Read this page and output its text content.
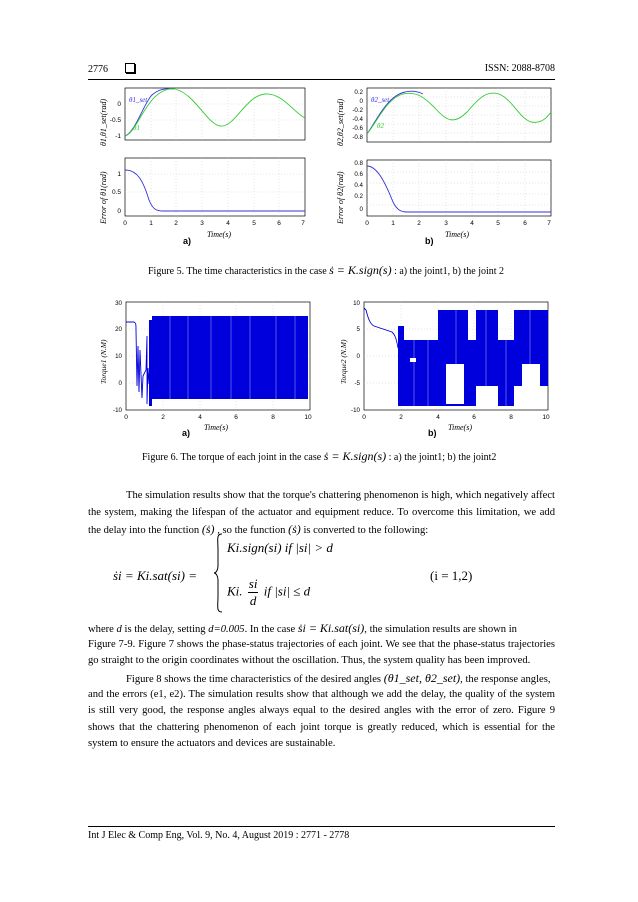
2776	ISSN: 2088-8708
θ1_set
θ1
0
-0.5
-1
θ1,θ1_set(rad)
1
0.5
0
Error of θ1(rad) 0	1	2	3	4	5	6	7
Time(s)
a)
θ2_set
θ2
0.2
0
-0.2
-0.4
-0.6
-0.8
θ2,θ2_set(rad)
0.8
0.6
0.4
0.2
0
Error of θ2(rad)	0	1	2	3	4	5	6	7
Time(s)
b)
Figure 5. The time characteristics in the case ṡ = K.sign(s) : a) the joint1, b) the joint 2
30
20
10
0
-10
Torque1 (N.M)
0	2	4	6	8	10
Time(s)
a)
10
5
0
-5
-10
Torque2 (N.M)
0	2	4	6	8	10
Time(s)
b)
Figure 6. The torque of each joint in the case ṡ = K.sign(s) : a) the joint1; b) the joint2
The simulation results show that the torque's chattering phenomenon is high, which negatively affect
the system, making the lifespan of the actuator and equipment reduce. To overcome this limitation, we add
the delay into the function (ṡ) , so the function (ṡ) is converted to the following:
ṡi = Ki.sat(si) =
Ki.sign(si) if |si| > d
Ki. $\frac{si}{d}$ if |si| ≤ d
(i = 1,2)
where d is the delay, setting d=0.005. In the case ṡi = Ki.sat(si), the simulation results are shown in
Figure 7-9. Figure 7 shows the phase-status trajectories of each joint. We see that the phase-status trajectories
go straight to the origin coordinates without the oscillation. Thus, the system quality has been improved.
Figure 8 shows the time characteristics of the desired angles (θ1_set, θ2_set), the response angles,
and the errors (e1, e2). The simulation results show that although we add the delay, the quality of the system
is still very good, the response angles always equal to the desired angles with the error of zero. Figure 9
shows that the chattering phenomenon of each joint torque is greatly reduced, which is essential for the
system to ensure the actuators and devices are sustainable.
Int J Elec & Comp Eng, Vol. 9, No. 4, August 2019 : 2771 - 2778
